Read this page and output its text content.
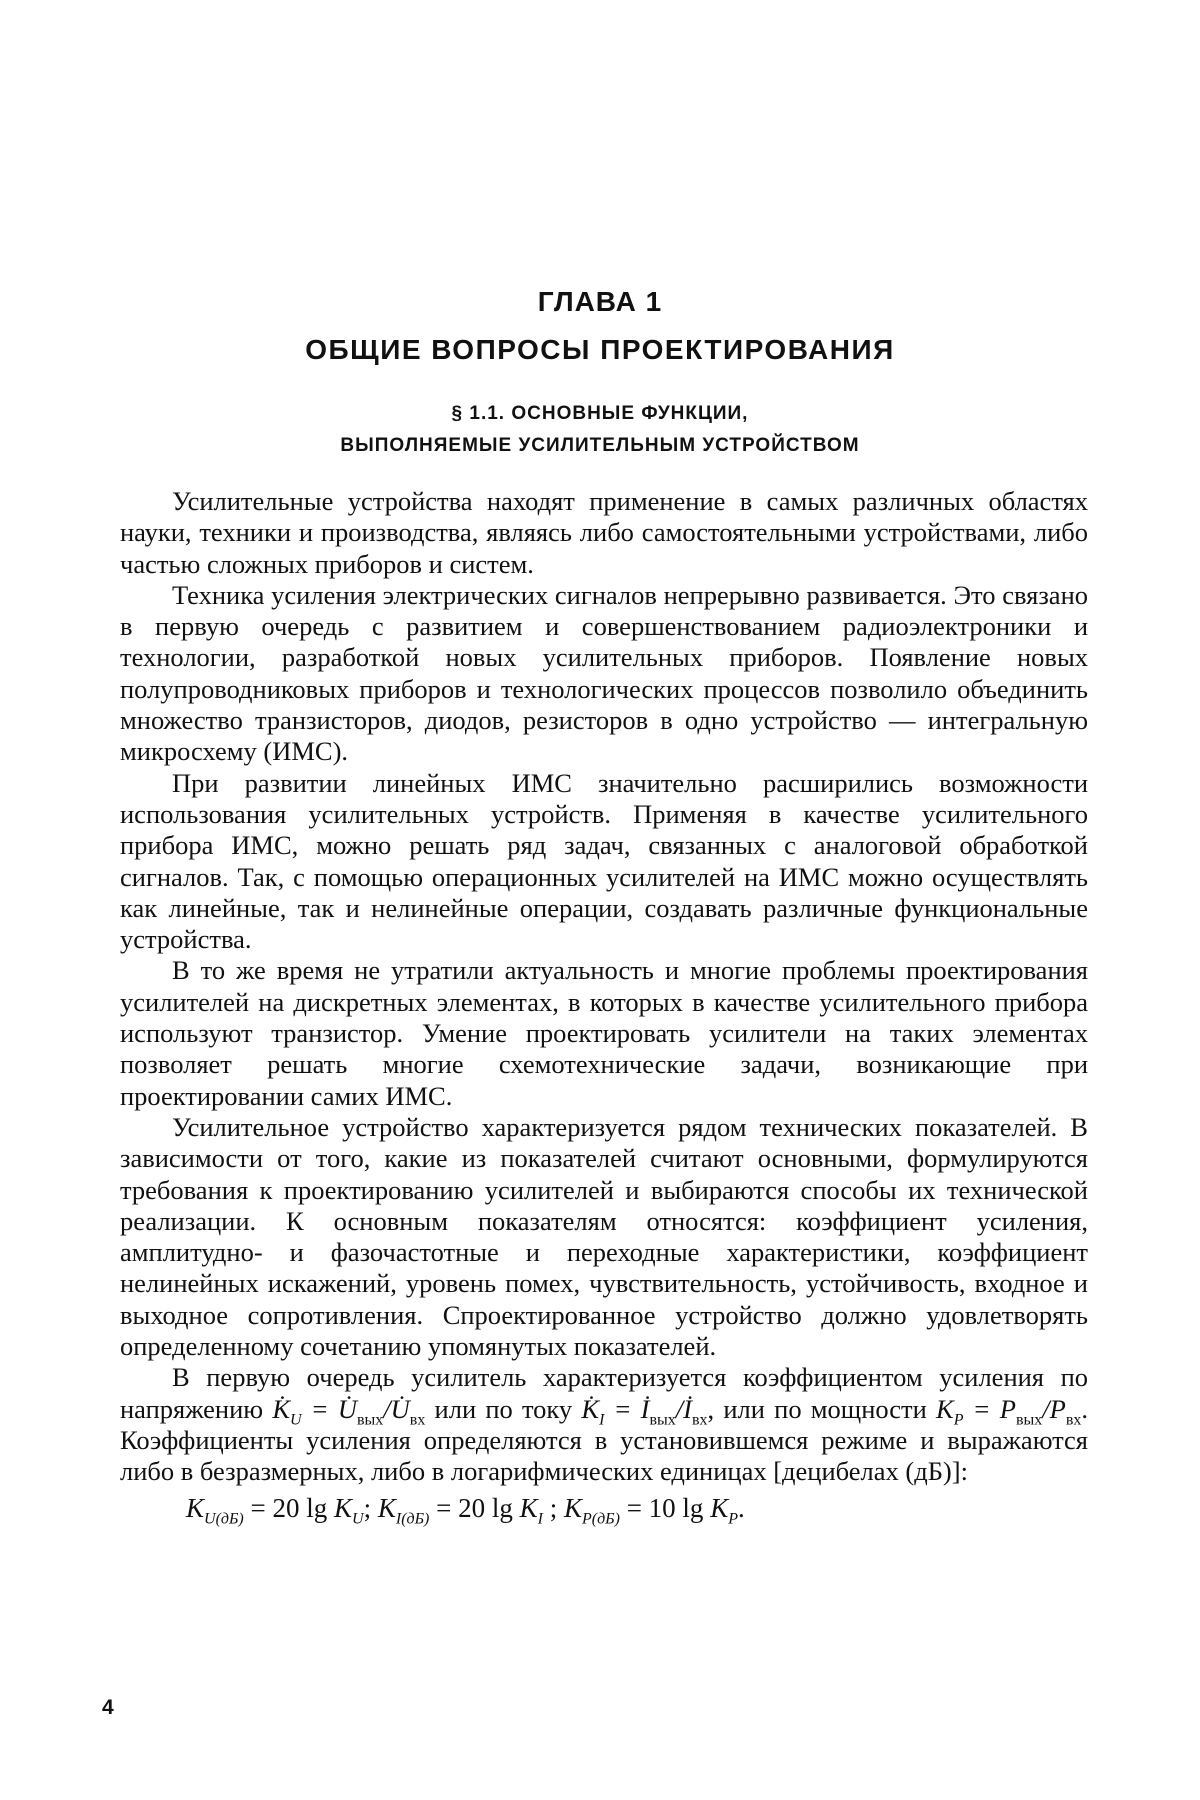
ГЛАВА 1
ОБЩИЕ ВОПРОСЫ ПРОЕКТИРОВАНИЯ
§ 1.1. ОСНОВНЫЕ ФУНКЦИИ,
ВЫПОЛНЯЕМЫЕ УСИЛИТЕЛЬНЫМ УСТРОЙСТВОМ

Усилительные устройства находят применение в самых различных областях науки, техники и производства, являясь либо самостоятельными устройствами, либо частью сложных приборов и систем.

Техника усиления электрических сигналов непрерывно развивается. Это связано в первую очередь с развитием и совершенствованием радиоэлектроники и технологии, разработкой новых усилительных приборов. Появление новых полупроводниковых приборов и технологических процессов позволило объединить множество транзисторов, диодов, резисторов в одно устройство — интегральную микросхему (ИМС).

При развитии линейных ИМС значительно расширились возможности использования усилительных устройств. Применяя в качестве усилительного прибора ИМС, можно решать ряд задач, связанных с аналоговой обработкой сигналов. Так, с помощью операционных усилителей на ИМС можно осуществлять как линейные, так и нелинейные операции, создавать различные функциональные устройства.

В то же время не утратили актуальность и многие проблемы проектирования усилителей на дискретных элементах, в которых в качестве усилительного прибора используют транзистор. Умение проектировать усилители на таких элементах позволяет решать многие схемотехнические задачи, возникающие при проектировании самих ИМС.

Усилительное устройство характеризуется рядом технических показателей. В зависимости от того, какие из показателей считают основными, формулируются требования к проектированию усилителей и выбираются способы их технической реализации. К основным показателям относятся: коэффициент усиления, амплитудно- и фазочастотные и переходные характеристики, коэффициент нелинейных искажений, уровень помех, чувствительность, устойчивость, входное и выходное сопротивления. Спроектированное устройство должно удовлетворять определенному сочетанию упомянутых показателей.

В первую очередь усилитель характеризуется коэффициентом усиления по напряжению K̇U = U̇вых/U̇вх или по току K̇I = İвых/İвх, или по мощности KP = Pвых/Pвх. Коэффициенты усиления определяются в установившемся режиме и выражаются либо в безразмерных, либо в логарифмических единицах [децибелах (дБ)]:

KU(дБ) = 20 lg KU; KI(дБ) = 20 lg KI ; KP(дБ) = 10 lg KP.

4
